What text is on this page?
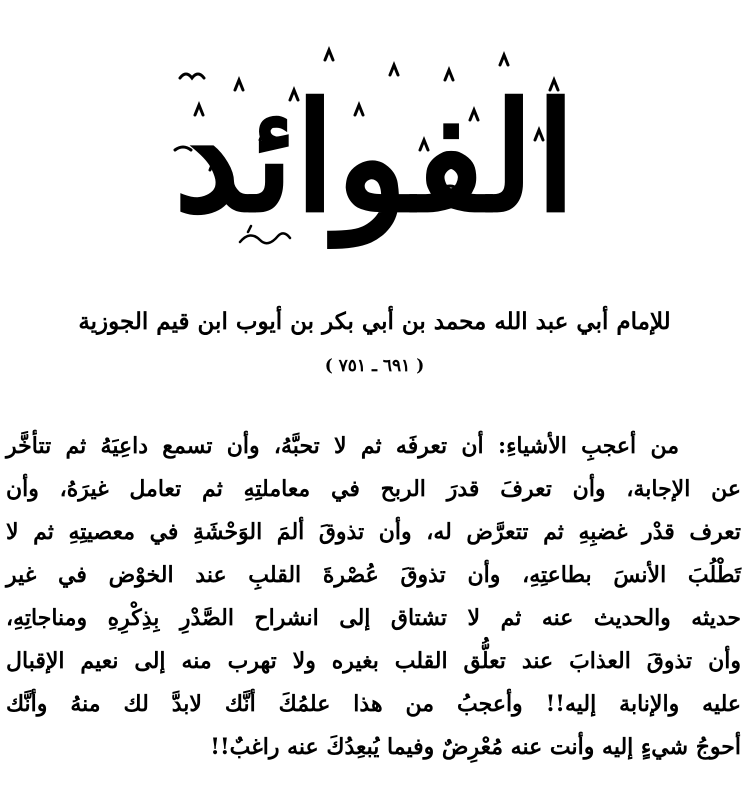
الفوائد
للإمام أبي عبد الله محمد بن أبي بكر بن أيوب ابن قيم الجوزية
( ٦٩١ ـ ٧٥١ )
من أعجبِ الأشياءِ: أن تعرفَه ثم لا تحبَّهُ، وأن تسمع داعِيَهُ ثم تتأخَّر
عن الإجابة، وأن تعرفَ قدرَ الربح في معاملتِهِ ثم تعامل غيرَهُ، وأن
تعرف قدْر غضبِهِ ثم تتعرَّض له، وأن تذوقَ ألمَ الوَحْشَةِ في معصيتِهِ ثم لا
تَطْلُبَ الأنسَ بطاعتِهِ، وأن تذوقَ عُصْرةَ القلبِ عند الخوْض في غير
حديثه والحديث عنه ثم لا تشتاق إلى انشراح الصَّدْرِ بِذِكْرِهِ ومناجاتِهِ،
وأن تذوقَ العذابَ عند تعلُّق القلب بغيره ولا تهرب منه إلى نعيم الإقبال
عليه والإنابة إليه!! وأعجبُ من هذا علمُكَ أنَّك لابدَّ لك منهُ وأنَّك
أحوجُ شيءٍ إليه وأنت عنه مُعْرِضٌ وفيما يُبعِدُكَ عنه راغبٌ!!
